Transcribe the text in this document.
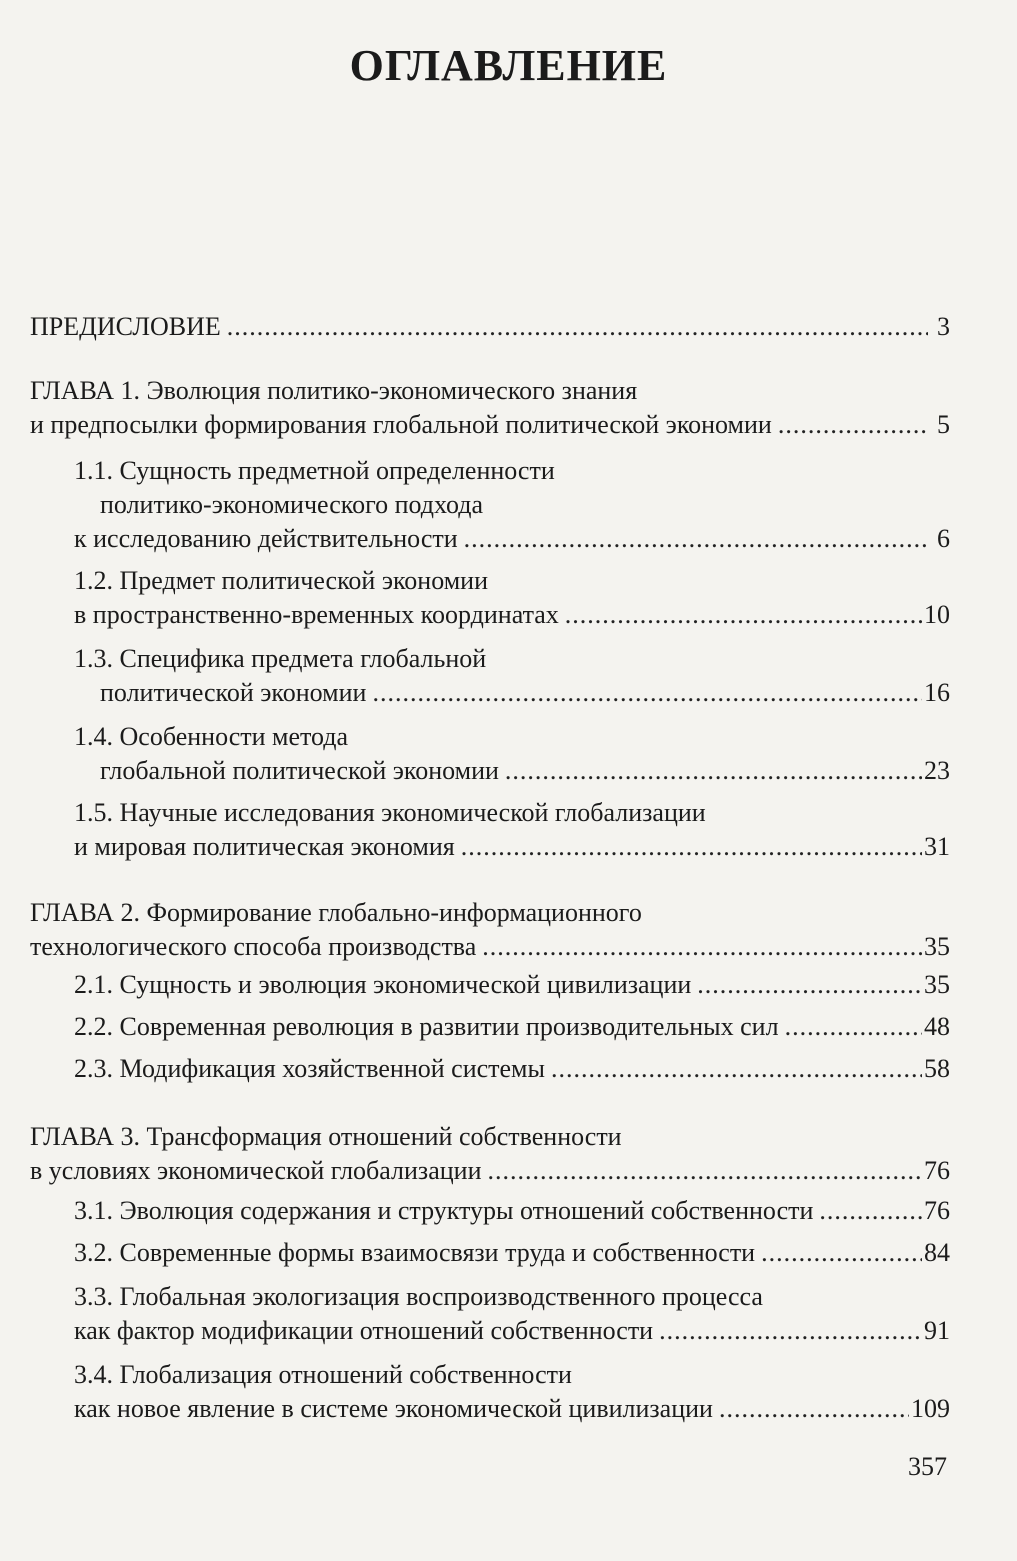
ОГЛАВЛЕНИЕ
ПРЕДИСЛОВИЕ .....	3
ГЛАВА 1. Эволюция политико-экономического знания
и предпосылки формирования глобальной политической экономии .....	5
1.1. Сущность предметной определенности
политико-экономического подхода
к исследованию действительности .....	6
1.2. Предмет политической экономии
в пространственно-временных координатах .....	10
1.3. Специфика предмета глобальной
политической экономии .....	16
1.4. Особенности метода
глобальной политической экономии .....	23
1.5. Научные исследования экономической глобализации
и мировая политическая экономия .....	31
ГЛАВА 2. Формирование глобально-информационного
технологического способа производства .....	35
2.1. Сущность и эволюция экономической цивилизации .....	35
2.2. Современная революция в развитии производительных сил .....	48
2.3. Модификация хозяйственной системы .....	58
ГЛАВА 3. Трансформация отношений собственности
в условиях экономической глобализации .....	76
3.1. Эволюция содержания и структуры отношений собственности .....	76
3.2. Современные формы взаимосвязи труда и собственности .....	84
3.3. Глобальная экологизация воспроизводственного процесса
как фактор модификации отношений собственности .....	91
3.4. Глобализация отношений собственности
как новое явление в системе экономической цивилизации .....	109
357
